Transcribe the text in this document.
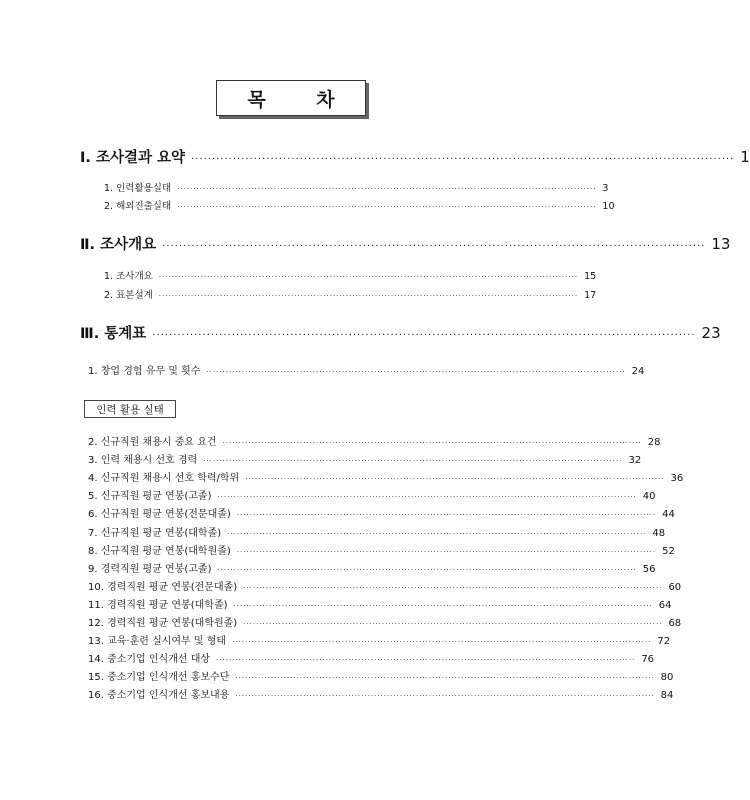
목 차
Ⅰ. 조사결과 요약 ·································································································································· 1
1. 인력활용실태 ·································································································································· 3
2. 해외진출실태 ·································································································································· 10
Ⅱ. 조사개요 ·································································································································· 13
1. 조사개요 ·································································································································· 15
2. 표본설계 ·································································································································· 17
Ⅲ. 통계표 ·································································································································· 23
1. 창업 경험 유무 및 횟수 ·································································································································· 24
인력 활용 실태
2. 신규직원 채용시 중요 요건 ·································································································································· 28
3. 인력 채용시 선호 경력 ·································································································································· 32
4. 신규직원 채용시 선호 학력/학위 ·································································································································· 36
5. 신규직원 평균 연봉(고졸) ·································································································································· 40
6. 신규직원 평균 연봉(전문대졸) ·································································································································· 44
7. 신규직원 평균 연봉(대학졸) ·································································································································· 48
8. 신규직원 평균 연봉(대학원졸) ·································································································································· 52
9. 경력직원 평균 연봉(고졸) ·································································································································· 56
10. 경력직원 평균 연봉(전문대졸) ·································································································································· 60
11. 경력직원 평균 연봉(대학졸) ·································································································································· 64
12. 경력직원 평균 연봉(대학원졸) ·································································································································· 68
13. 교육·훈련 실시여부 및 형태 ·································································································································· 72
14. 중소기업 인식개선 대상 ·································································································································· 76
15. 중소기업 인식개선 홍보수단 ·································································································································· 80
16. 중소기업 인식개선 홍보내용 ·································································································································· 84
